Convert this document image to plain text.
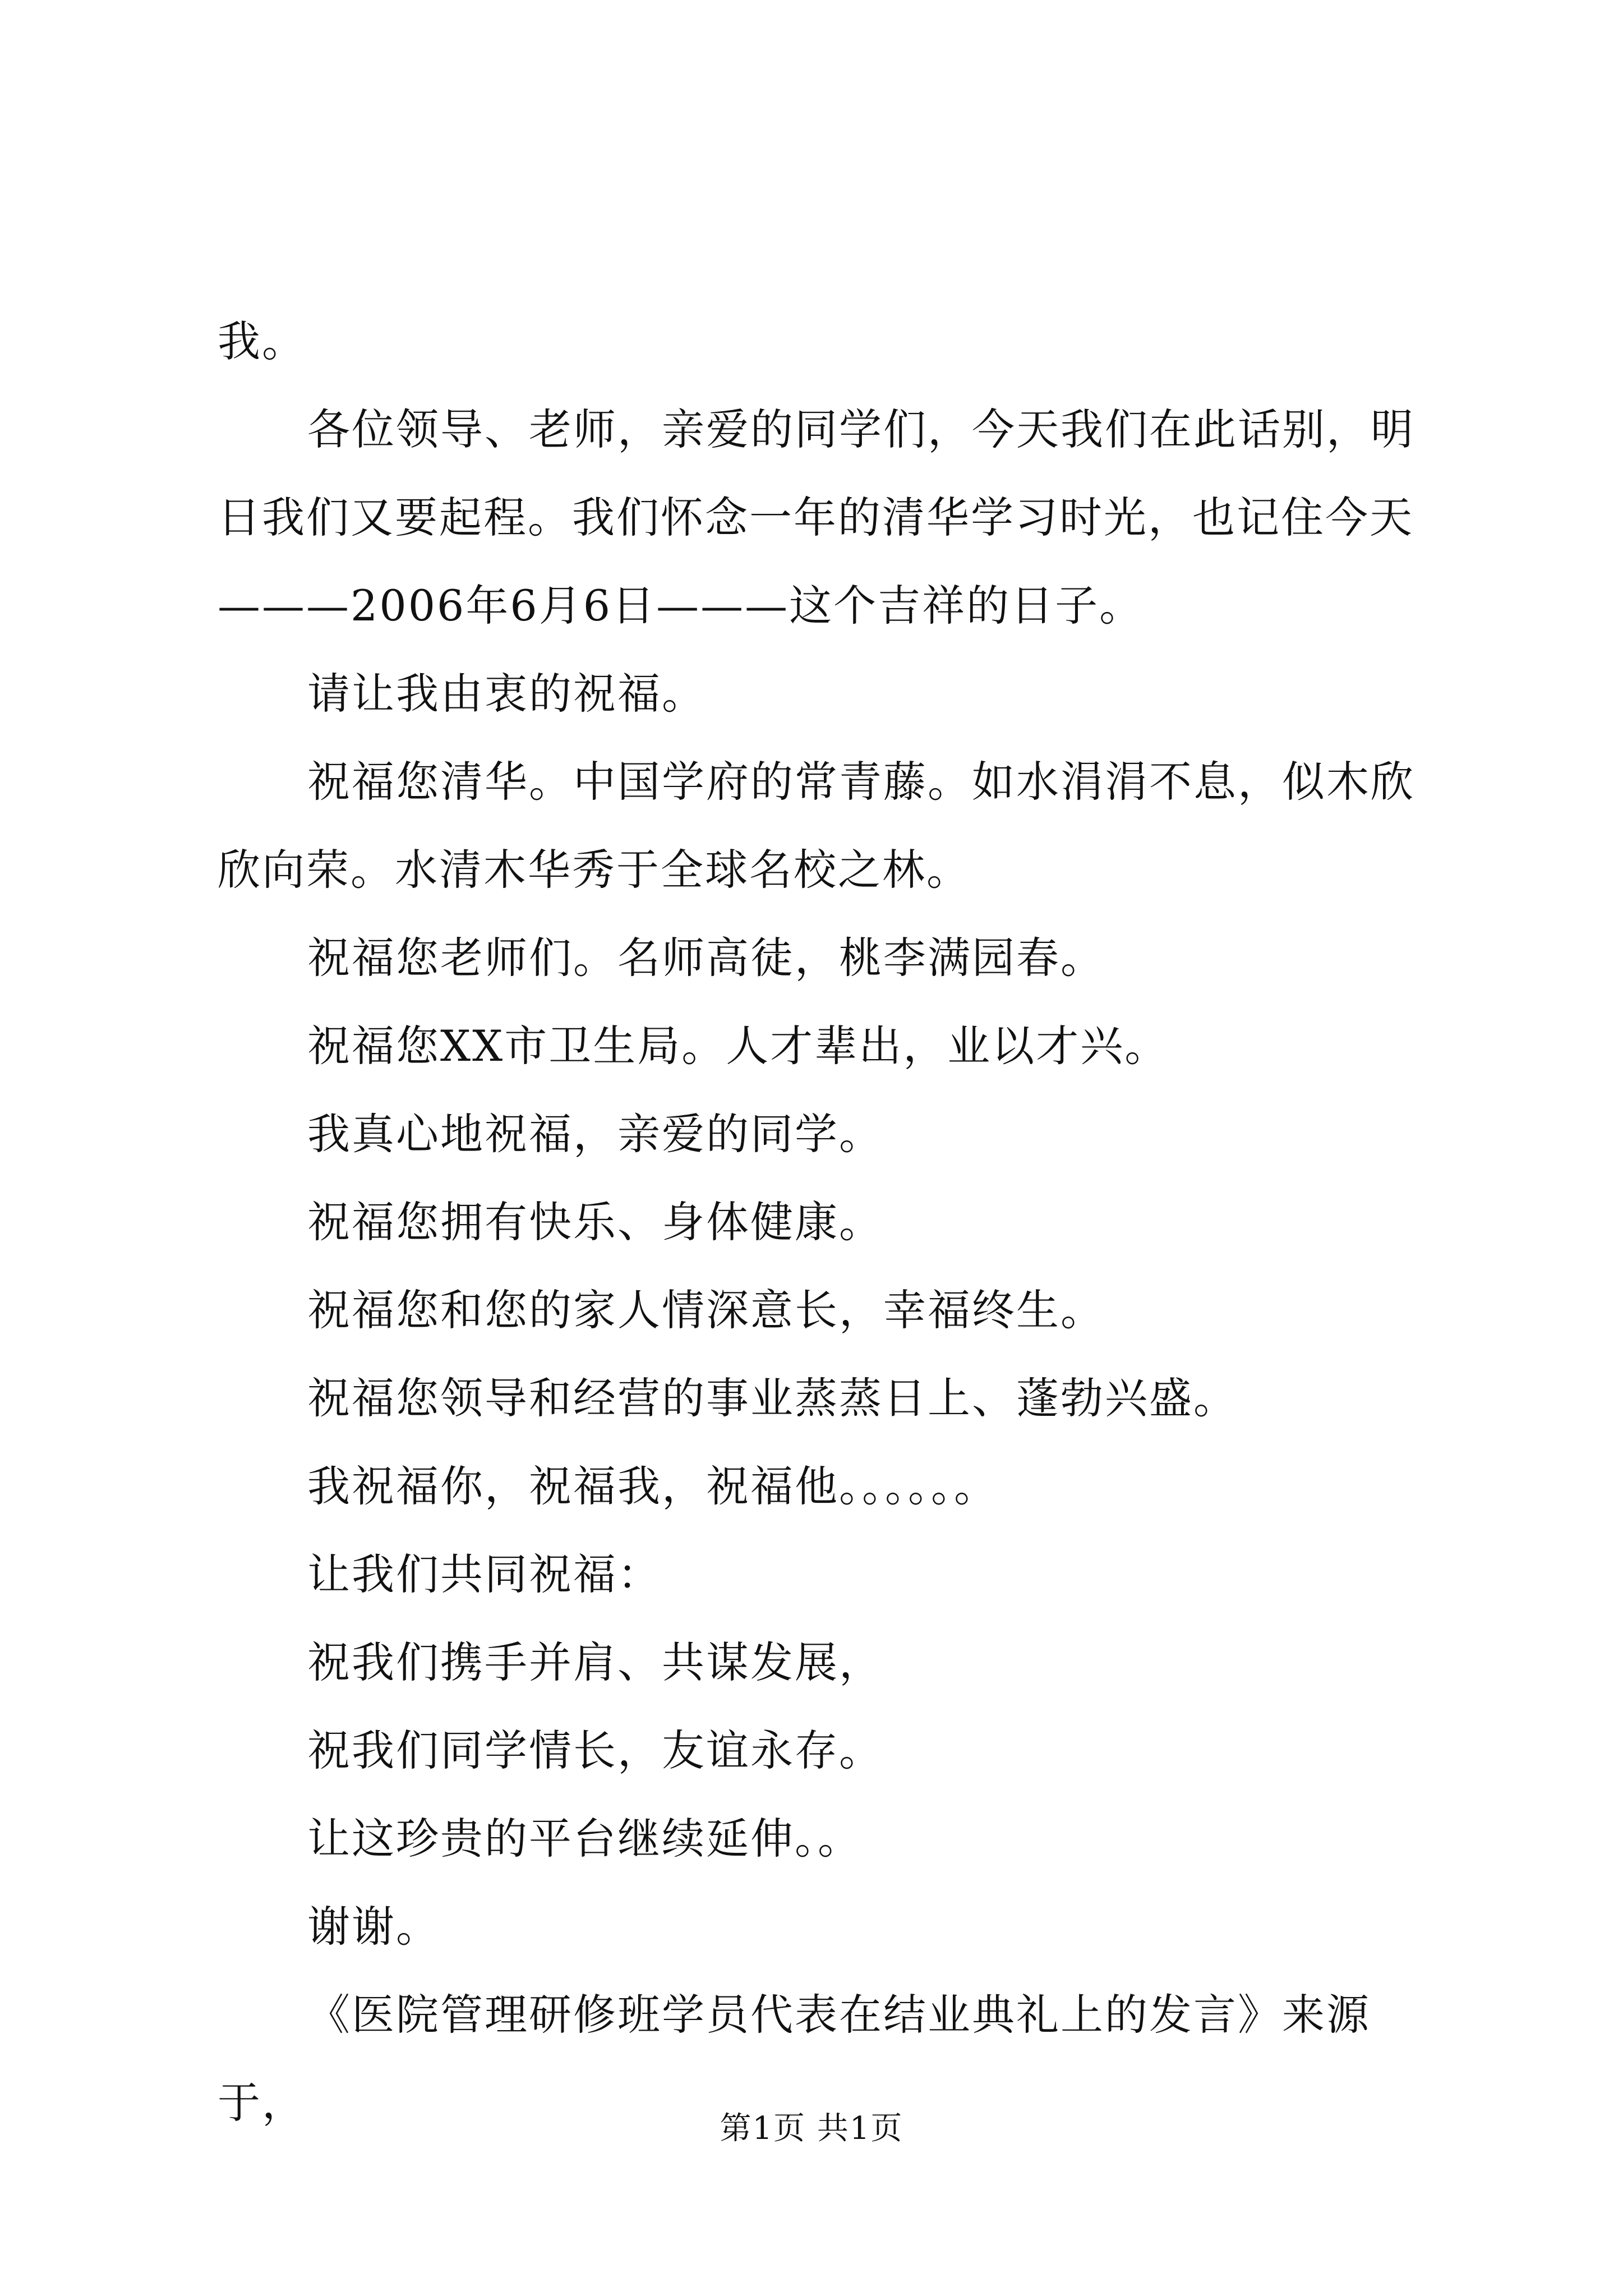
我。

各位领导、老师，亲爱的同学们，今天我们在此话别，明日我们又要起程。我们怀念一年的清华学习时光，也记住今天———2006年6月6日———这个吉祥的日子。

请让我由衷的祝福。

祝福您清华。中国学府的常青藤。如水涓涓不息，似木欣欣向荣。水清木华秀于全球名校之林。

祝福您老师们。名师高徒，桃李满园春。

祝福您XX市卫生局。人才辈出，业以才兴。

我真心地祝福，亲爱的同学。

祝福您拥有快乐、身体健康。

祝福您和您的家人情深意长，幸福终生。

祝福您领导和经营的事业蒸蒸日上、蓬勃兴盛。

我祝福你，祝福我，祝福他。。。。。。

让我们共同祝福：

祝我们携手并肩、共谋发展，

祝我们同学情长，友谊永存。

让这珍贵的平台继续延伸。。

谢谢。

《医院管理研修班学员代表在结业典礼上的发言》来源于，

第1页 共1页
